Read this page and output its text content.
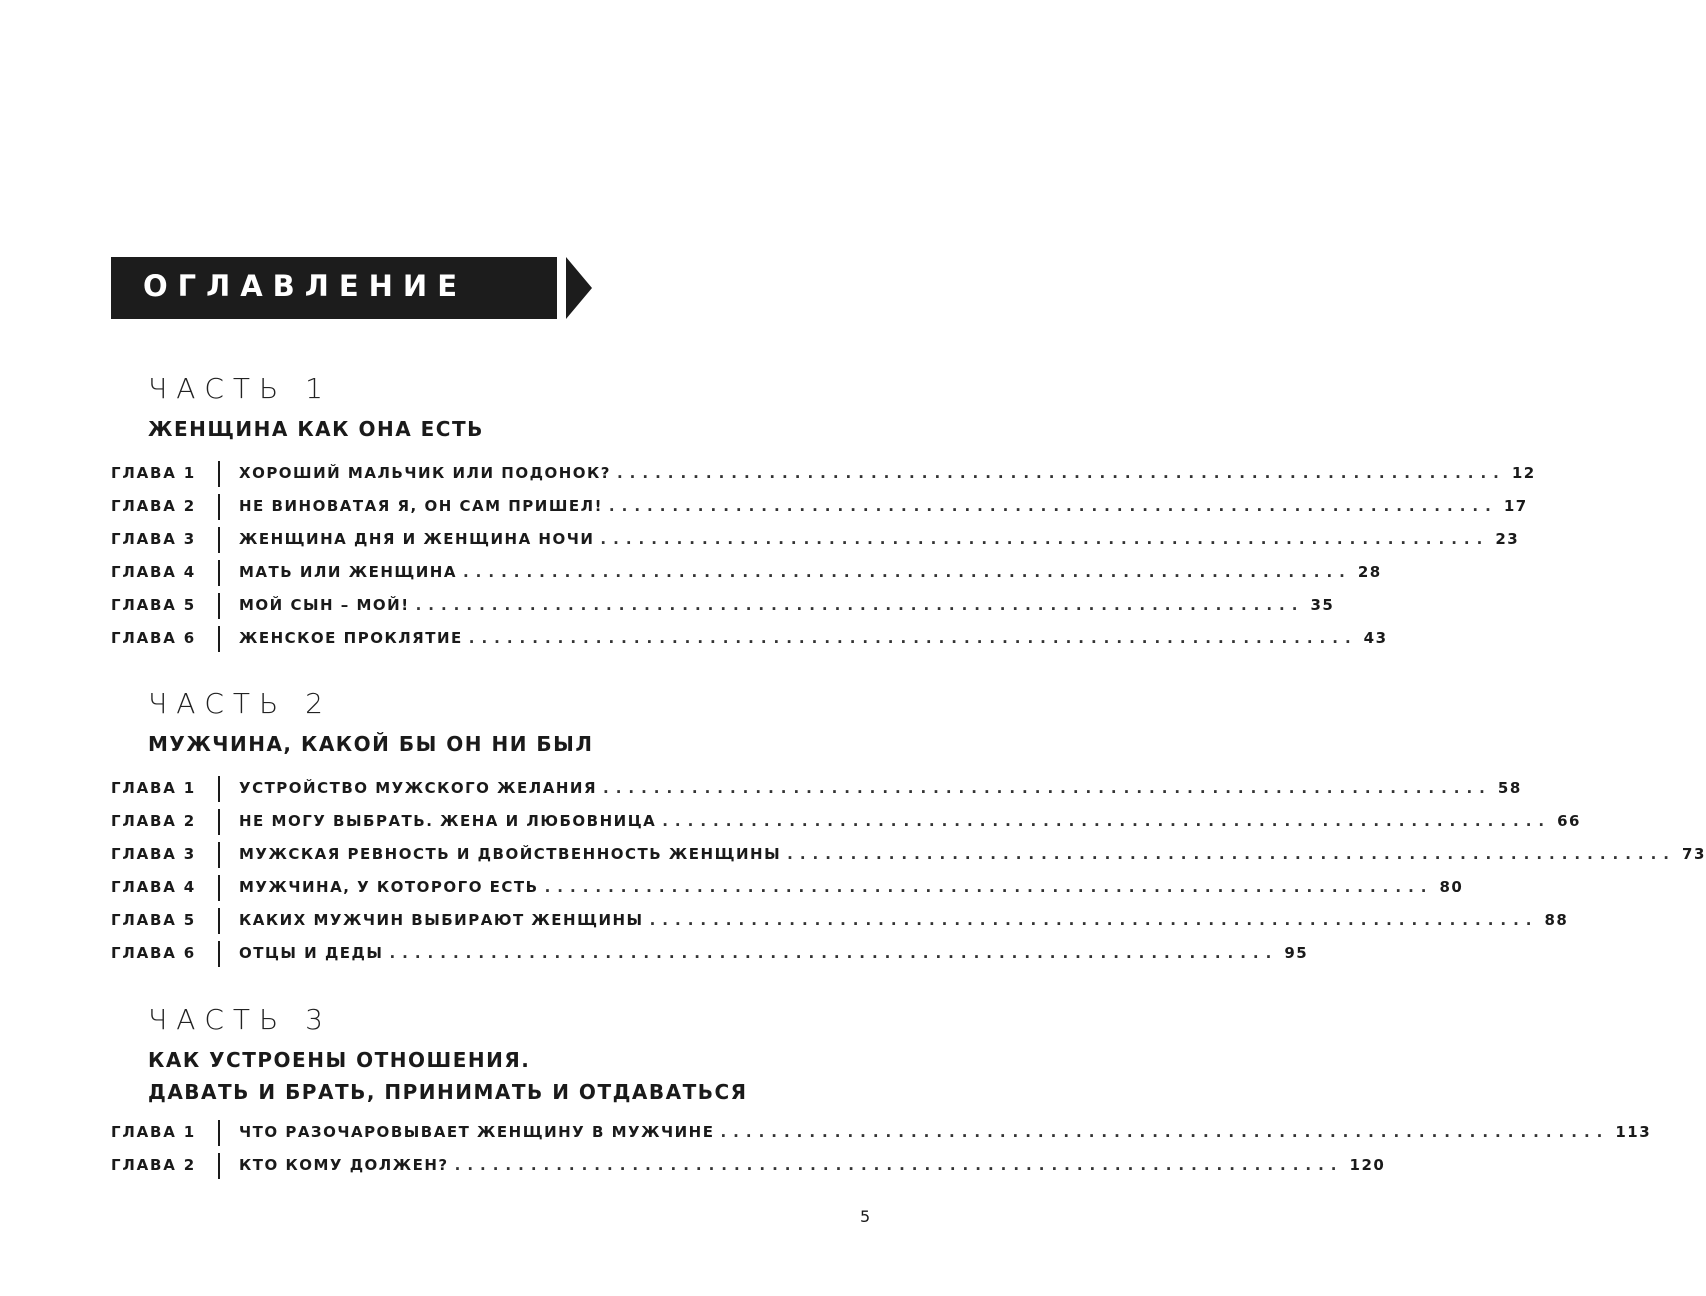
ОГЛАВЛЕНИЕ
ЧАСТЬ 1
ЖЕНЩИНА КАК ОНА ЕСТЬ
ГЛАВА 1	ХОРОШИЙ МАЛЬЧИК ИЛИ ПОДОНОК? ...................................................................... 12
ГЛАВА 2	НЕ ВИНОВАТАЯ Я, ОН САМ ПРИШЕЛ! ...................................................................... 17
ГЛАВА 3	ЖЕНЩИНА ДНЯ И ЖЕНЩИНА НОЧИ ...................................................................... 23
ГЛАВА 4	МАТЬ ИЛИ ЖЕНЩИНА ...................................................................... 28
ГЛАВА 5	МОЙ СЫН – МОЙ! ...................................................................... 35
ГЛАВА 6	ЖЕНСКОЕ ПРОКЛЯТИЕ ...................................................................... 43
ЧАСТЬ 2
МУЖЧИНА, КАКОЙ БЫ ОН НИ БЫЛ
ГЛАВА 1	УСТРОЙСТВО МУЖСКОГО ЖЕЛАНИЯ ...................................................................... 58
ГЛАВА 2	НЕ МОГУ ВЫБРАТЬ. ЖЕНА И ЛЮБОВНИЦА ...................................................................... 66
ГЛАВА 3	МУЖСКАЯ РЕВНОСТЬ И ДВОЙСТВЕННОСТЬ ЖЕНЩИНЫ ...................................................................... 73
ГЛАВА 4	МУЖЧИНА, У КОТОРОГО ЕСТЬ ...................................................................... 80
ГЛАВА 5	КАКИХ МУЖЧИН ВЫБИРАЮТ ЖЕНЩИНЫ ...................................................................... 88
ГЛАВА 6	ОТЦЫ И ДЕДЫ ...................................................................... 95
ЧАСТЬ 3
КАК УСТРОЕНЫ ОТНОШЕНИЯ.
ДАВАТЬ И БРАТЬ, ПРИНИМАТЬ И ОТДАВАТЬСЯ
ГЛАВА 1	ЧТО РАЗОЧАРОВЫВАЕТ ЖЕНЩИНУ В МУЖЧИНЕ ...................................................................... 113
ГЛАВА 2	КТО КОМУ ДОЛЖЕН? ...................................................................... 120
5
